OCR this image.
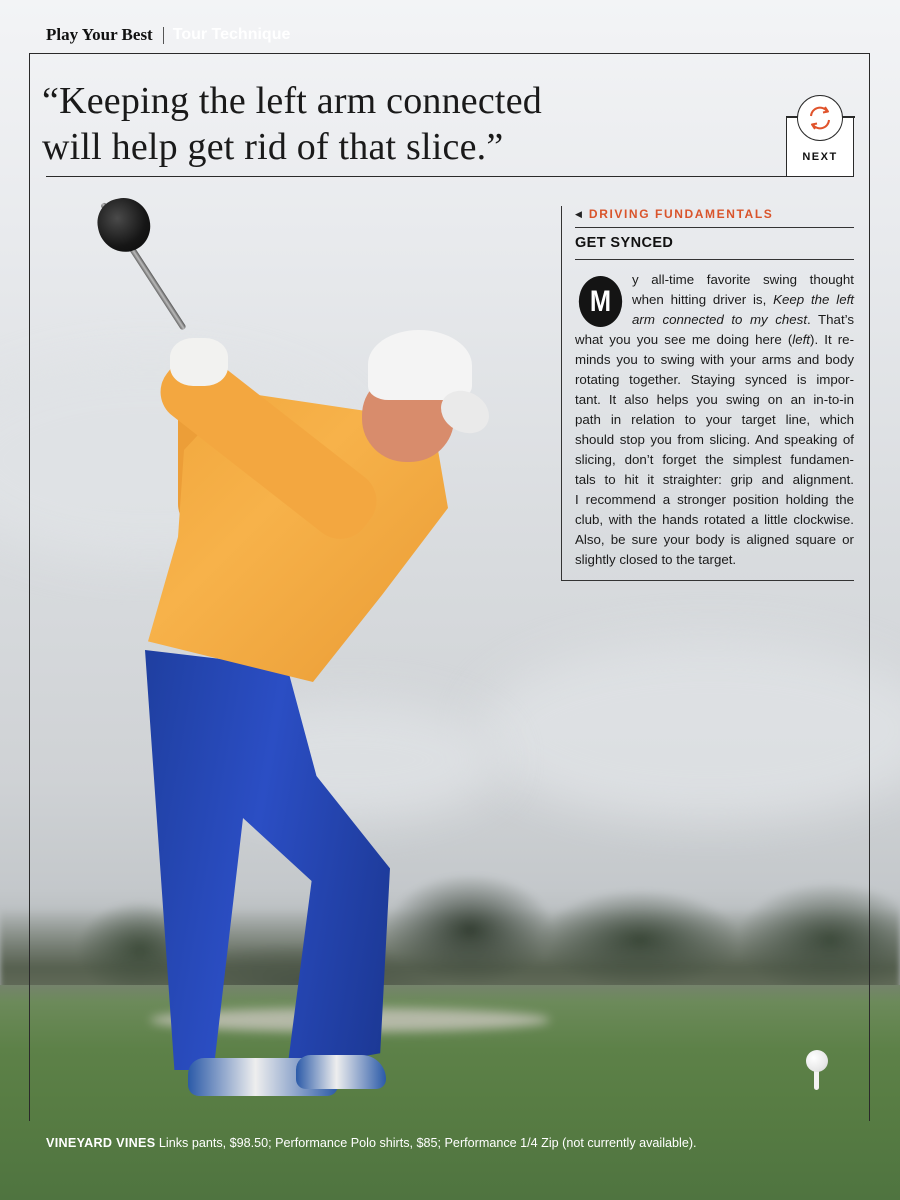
Play Your Best Tour Technique
“Keeping the left arm connected
will help get rid of that slice.”	NEXT
◀ DRIVING FUNDAMENTALS
GET SYNCED
M
y all-time favorite swing thought
when hitting driver is, Keep the left
arm connected to my chest. That’s
what you you see me doing here (left). It re-
minds you to swing with your arms and body
rotating together. Staying synced is impor-
tant. It also helps you swing on an in-to-in
path in relation to your target line, which
should stop you from slicing. And speaking of
slicing, don’t forget the simplest fundamen-
tals to hit it straighter: grip and alignment.
I recommend a stronger position holding the
club, with the hands rotated a little clockwise.
Also, be sure your body is aligned square or
slightly closed to the target.
VINEYARD VINES Links pants, $98.50; Performance Polo shirts, $85; Performance 1/4 Zip (not currently available).
